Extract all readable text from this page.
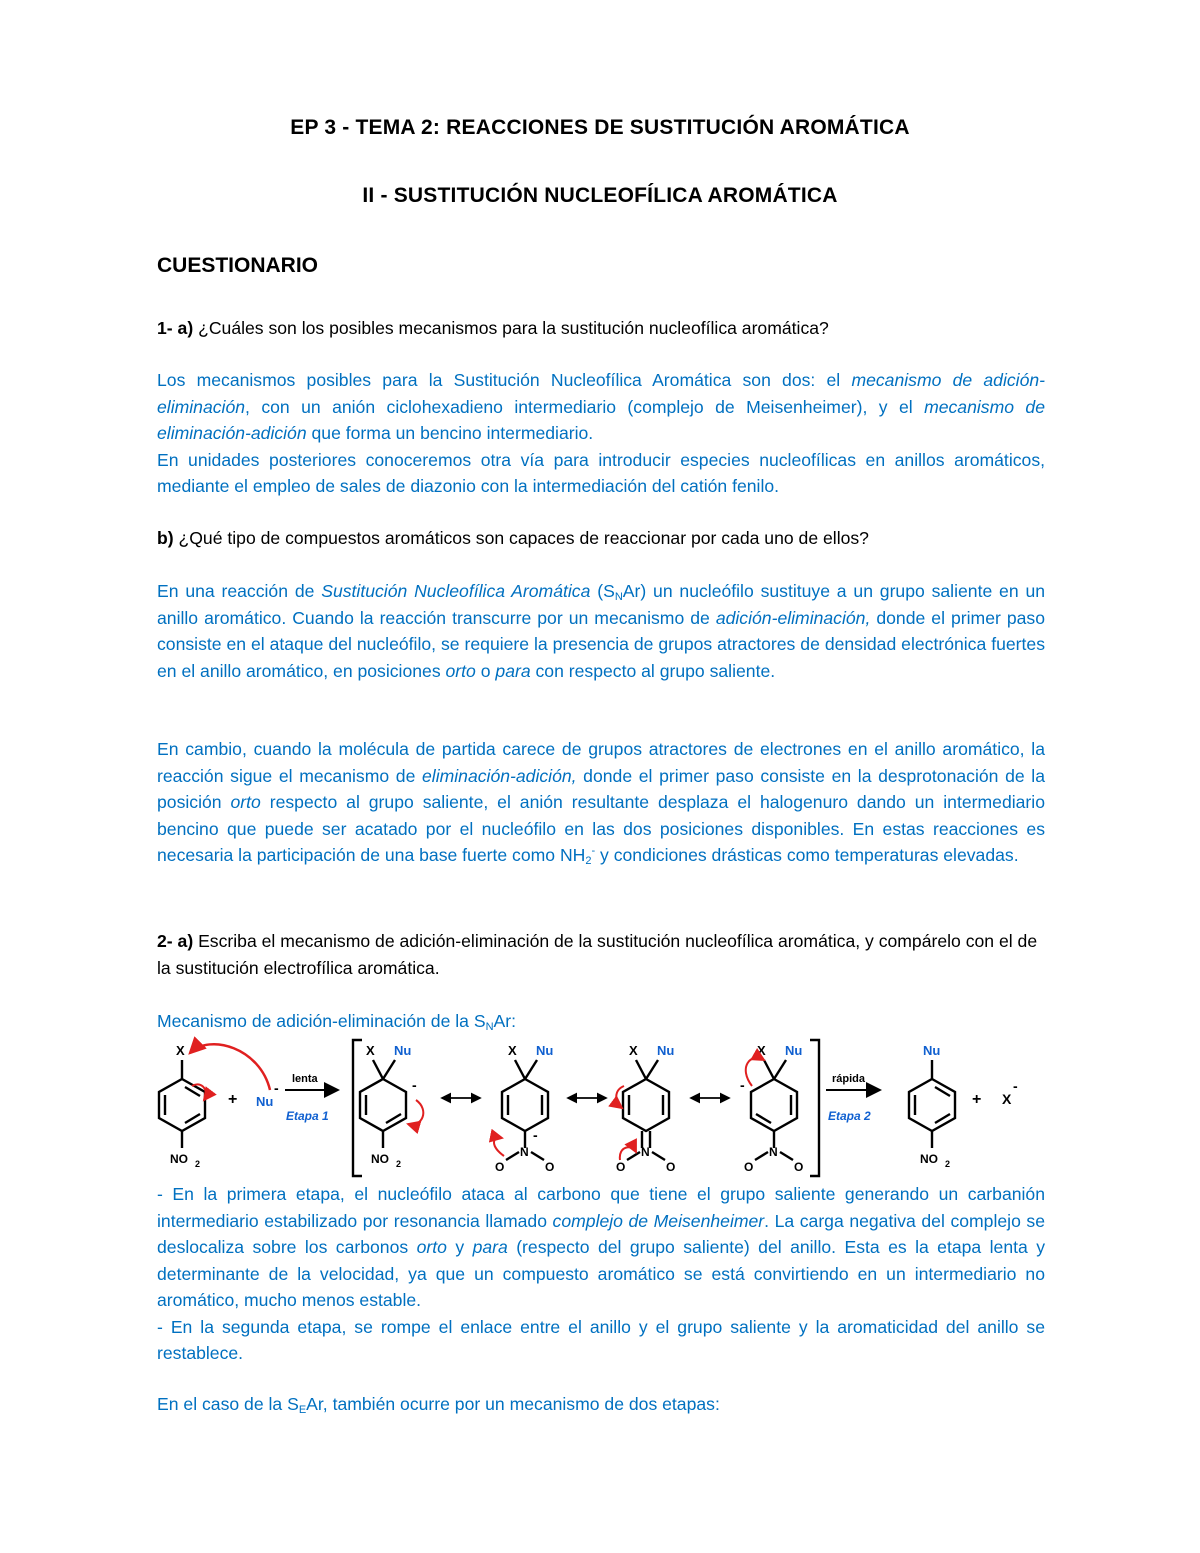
EP 3 - TEMA 2: REACCIONES DE SUSTITUCIÓN AROMÁTICA
II - SUSTITUCIÓN NUCLEOFÍLICA AROMÁTICA
CUESTIONARIO
1- a) ¿Cuáles son los posibles mecanismos para la sustitución nucleofílica aromática?
Los mecanismos posibles para la Sustitución Nucleofílica Aromática son dos: el mecanismo de adición-eliminación, con un anión ciclohexadieno intermediario (complejo de Meisenheimer), y el mecanismo de eliminación-adición que forma un bencino intermediario.
En unidades posteriores conoceremos otra vía para introducir especies nucleofílicas en anillos aromáticos, mediante el empleo de sales de diazonio con la intermediación del catión fenilo.
b) ¿Qué tipo de compuestos aromáticos son capaces de reaccionar por cada uno de ellos?
En una reacción de Sustitución Nucleofílica Aromática $(S_NAr)$ un nucleófilo sustituye a un grupo saliente en un anillo aromático. Cuando la reacción transcurre por un mecanismo de adición-eliminación, donde el primer paso consiste en el ataque del nucleófilo, se requiere la presencia de grupos atractores de densidad electrónica fuertes en el anillo aromático, en posiciones orto o para con respecto al grupo saliente.
En cambio, cuando la molécula de partida carece de grupos atractores de electrones en el anillo aromático, la reacción sigue el mecanismo de eliminación-adición, donde el primer paso consiste en la desprotonación de la posición orto respecto al grupo saliente, el anión resultante desplaza el halogenuro dando un intermediario bencino que puede ser acatado por el nucleófilo en las dos posiciones disponibles. En estas reacciones es necesaria la participación de una base fuerte como $NH_2^-$ y condiciones drásticas como temperaturas elevadas.
2- a) Escriba el mecanismo de adición-eliminación de la sustitución nucleofílica aromática, y compárelo con el de la sustitución electrofílica aromática.
Mecanismo de adición-eliminación de la $S_NAr$:
X
NO 2
+ Nu
-
lenta
Etapa 1
X Nu
-
NO 2
X Nu
-
N
O	O
X Nu
N
O	O
X Nu
-
N
O	O
rápida
Etapa 2
Nu
NO 2
+ X
-
- En la primera etapa, el nucleófilo ataca al carbono que tiene el grupo saliente generando un carbanión intermediario estabilizado por resonancia llamado complejo de Meisenheimer. La carga negativa del complejo se deslocaliza sobre los carbonos orto y para (respecto del grupo saliente) del anillo. Esta es la etapa lenta y determinante de la velocidad, ya que un compuesto aromático se está convirtiendo en un intermediario no aromático, mucho menos estable.
- En la segunda etapa, se rompe el enlace entre el anillo y el grupo saliente y la aromaticidad del anillo se restablece.
En el caso de la $S_EAr$, también ocurre por un mecanismo de dos etapas:
